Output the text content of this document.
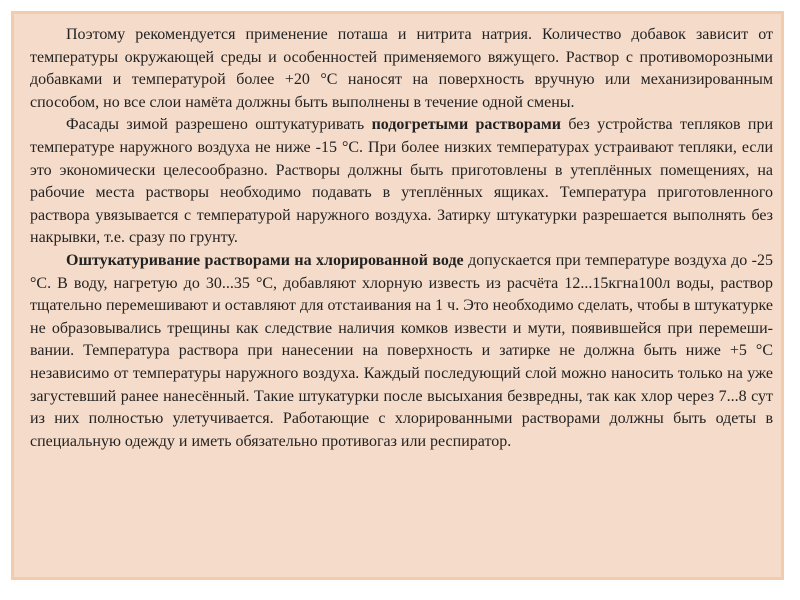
Поэтому рекомендуется применение поташа и нитрита натрия. Количество добавок зависит от температуры окружающей среды и особенностей применяемого вяжущего. Раствор с противоморозными добавками и температурой более +20 °С наносят на поверхность вручную или механизированным способом, но все слои намёта должны быть выполнены в течение одной смены.

Фасады зимой разрешено оштукатуривать подогретыми растворами без устройства тепляков при температуре наружного воздуха не ниже -15 °С. При более низких температурах устраивают тепляки, если это экономически целесообразно. Растворы должны быть приготовлены в утеплённых помещениях, на рабочие места растворы необходимо подавать в утеплённых ящиках. Температура приготовленного раствора увязывается с температурой наружного воздуха. Затирку штукатурки разрешается выполнять без накрывки, т.е. сразу по грунту.

Оштукатуривание растворами на хлорированной воде допускается при температуре воздуха до -25 °С. В воду, нагретую до 30...35 °С, добавляют хлорную известь из расчёта 12...15кгна100л воды, раствор тщательно перемешивают и оставляют для отстаивания на 1 ч. Это необходимо сделать, чтобы в штукатурке не образовывались трещины как следствие наличия комков извести и мути, появившейся при перемешивании. Температура раствора при нанесении на поверхность и затирке не должна быть ниже +5 °С независимо от температуры наружного воздуха. Каждый последующий слой можно наносить только на уже загустевший ранее нанесённый. Такие штукатурки после высыхания безвредны, так как хлор через 7...8 сут из них полностью улетучивается. Работающие с хлорированными растворами должны быть одеты в специальную одежду и иметь обязательно противогаз или респиратор.
